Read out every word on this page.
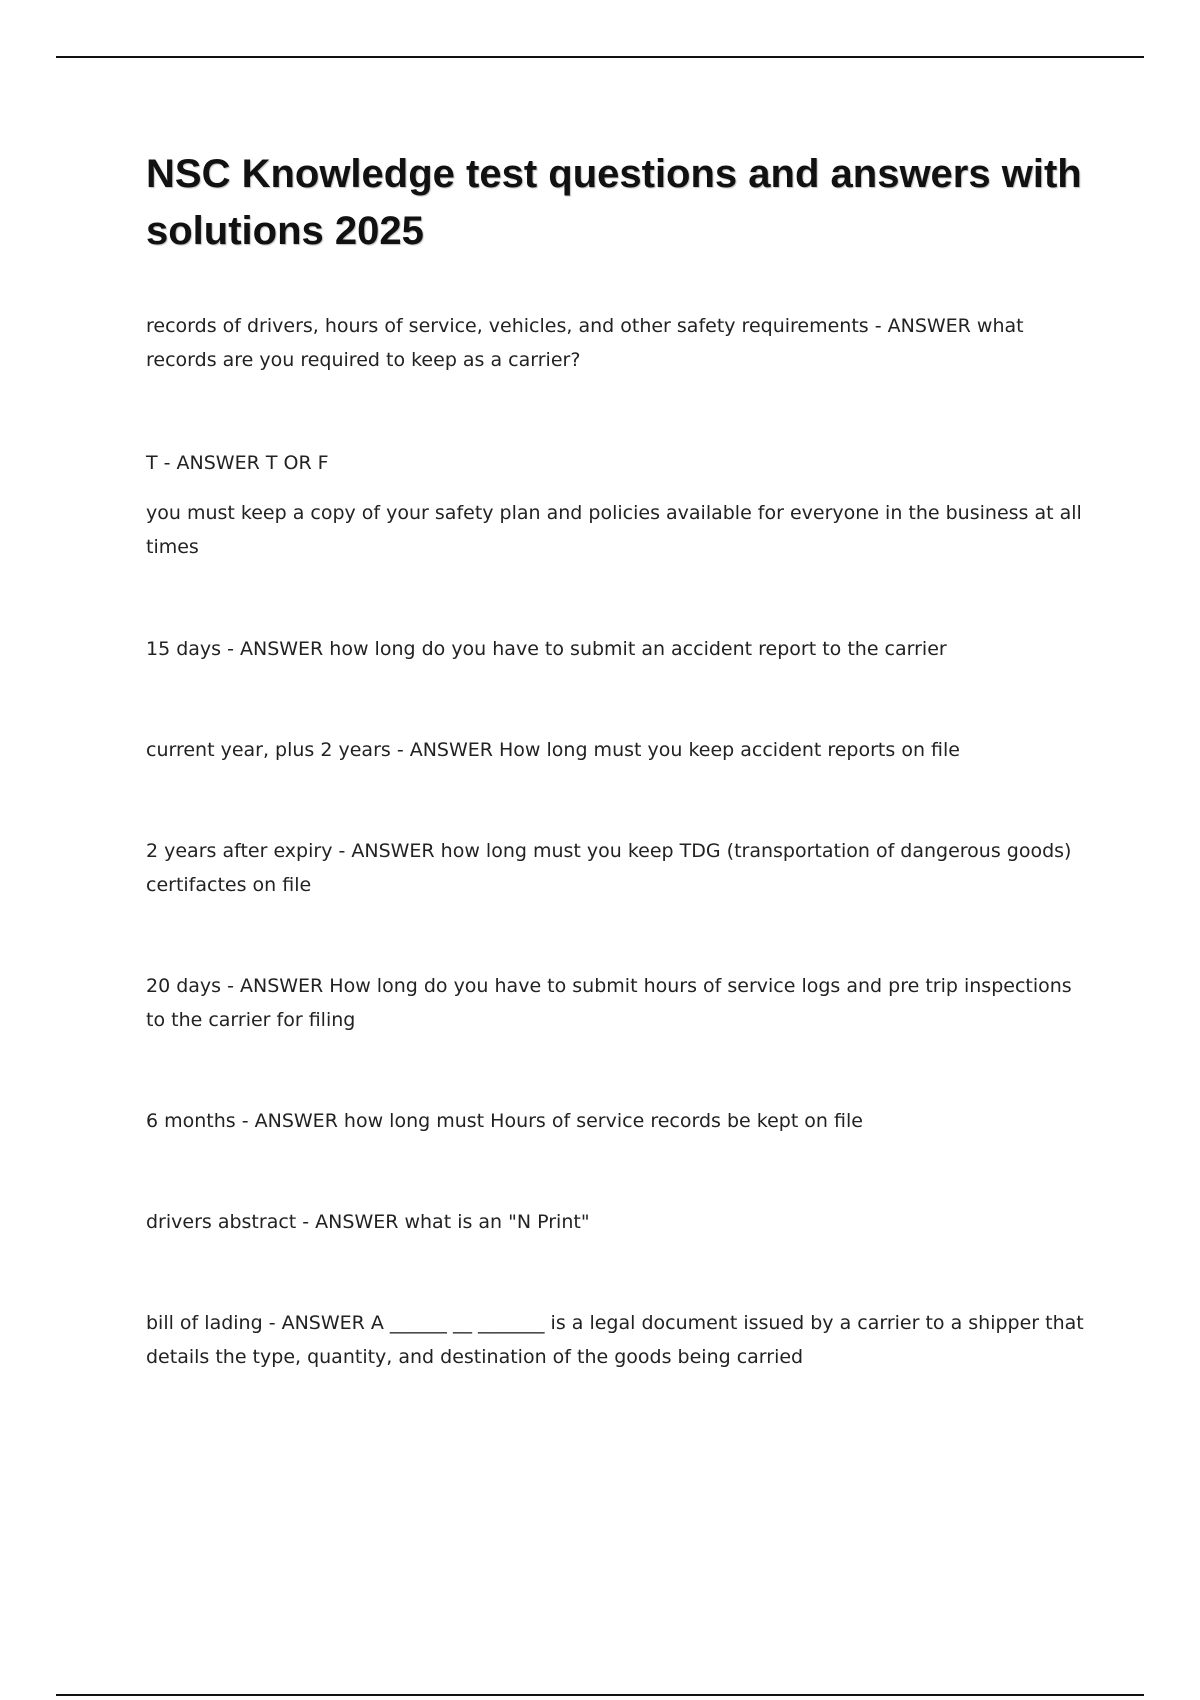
NSC Knowledge test questions and answers with solutions 2025

records of drivers, hours of service, vehicles, and other safety requirements - ANSWER what records are you required to keep as a carrier?

T - ANSWER T OR F

you must keep a copy of your safety plan and policies available for everyone in the business at all times

15 days - ANSWER how long do you have to submit an accident report to the carrier

current year, plus 2 years - ANSWER How long must you keep accident reports on file

2 years after expiry - ANSWER how long must you keep TDG (transportation of dangerous goods) certifactes on file

20 days - ANSWER How long do you have to submit hours of service logs and pre trip inspections to the carrier for filing

6 months - ANSWER how long must Hours of service records be kept on file

drivers abstract - ANSWER what is an "N Print"

bill of lading - ANSWER A ______ __ _______ is a legal document issued by a carrier to a shipper that details the type, quantity, and destination of the goods being carried
